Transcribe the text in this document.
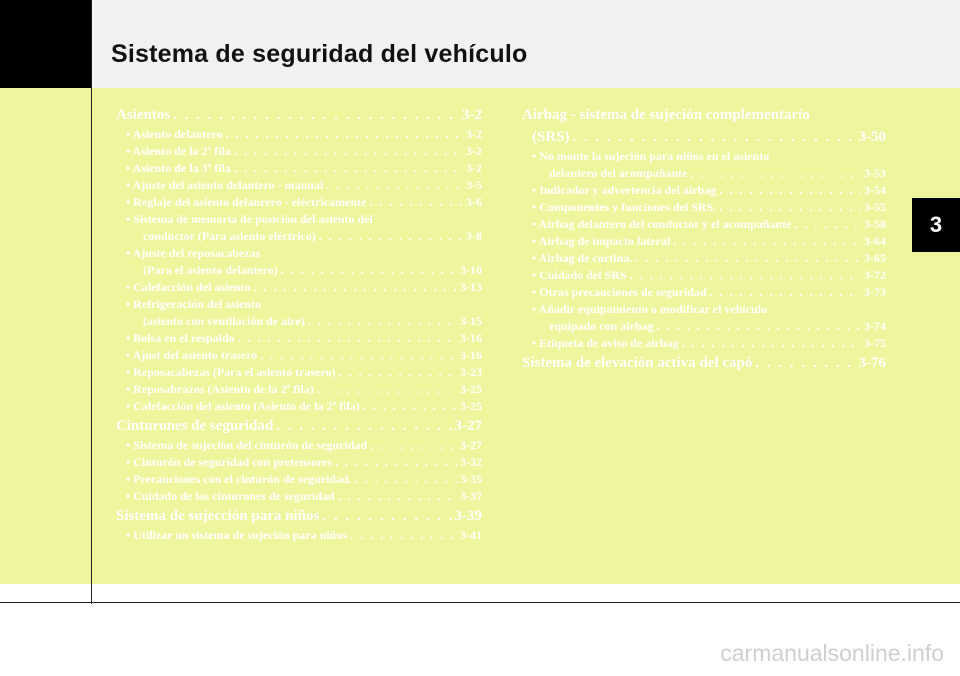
Sistema de seguridad del vehículo
3
Asientos . . .	3-2
• Asiento delantero . . .	3-2
• Asiento de la 2ª fila . . .	3-2
• Asiento de la 3ª fila . . .	3-2
• Ajuste del asiento delantero - manual . . .	3-5
• Reglaje del asiento delanrero - eléctricamente . . .	3-6
• Sistema de memoria de posición del asiento del
conductor (Para asiento eléctrico) . . .	3-8
• Ajuste del reposacabezas
(Para el asiento delantero) . . .	3-10
• Calefacción del asiento . . .	3-13
• Refrigeración del asiento
(asiento con ventilación de aire) . . .	3-15
• Bolsa en el respaldo . . .	3-16
• Ajust del asiento trasero . . .	3-16
• Reposacabezas (Para el asiento trasero) . . .	3-23
• Reposabrazos (Asiento de la 2ª fila) . . .	3-25
• Calefacción del asiento (Asiento de la 2ª fila) . . .	3-25
Cinturones de seguridad . . .	3-27
• Sistema de sujeción del cinturón de seguridad . . .	3-27
• Cinturón de seguridad con pretensores . . .	3-32
• Precauciones con el cinturón de seguridad. . . .	3-35
• Cuidado de los cinturones de seguridad . . .	3-37
Sistema de sujección para niños . . .	3-39
• Utilizar un sistema de sujeción para niños . . .	3-41
Airbag - sistema de sujeción complementario
(SRS) . . .	3-50
• No monte la sujeción para niños en el asiento
delantero del acompañante . . .	3-53
• Indicador y advertencia del airbag . . .	3-54
• Componentes y funciones del SRS. . . .	3-55
• Airbag delantero del conductor y el acompañante . . .	3-58
• Airbag de impacto lateral . . .	3-64
• Airbag de cortina. . . .	3-65
• Cuidado del SRS . . .	3-72
• Otras precauciones de seguridad . . .	3-73
• Añadir equipamiento o modificar el vehículo
equipado con airbag . . .	3-74
• Etiqueta de aviso de airbag . . .	3-75
Sistema de elevación activa del capó . . .	3-76
carmanualsonline.info
